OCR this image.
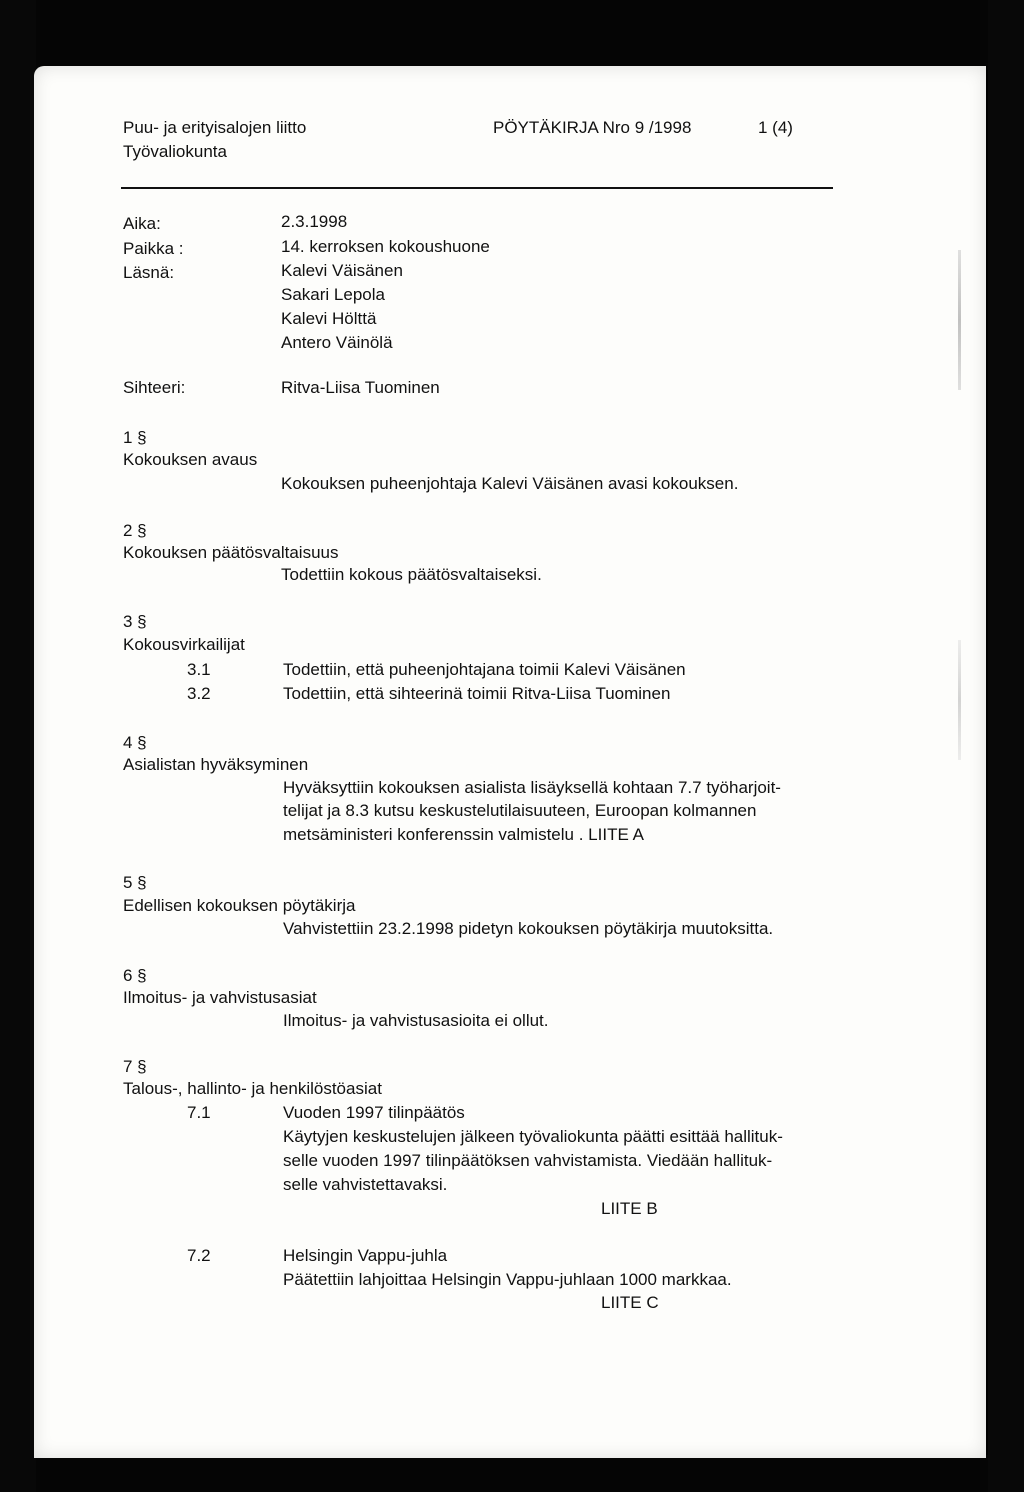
Puu- ja erityisalojen liitto
Työvaliokunta
PÖYTÄKIRJA Nro 9 /1998	1 (4)
Aika:	2.3.1998
Paikka :	14. kerroksen kokoushuone
Läsnä:	Kalevi Väisänen
Sakari Lepola
Kalevi Hölttä
Antero Väinölä
Sihteeri:	Ritva-Liisa Tuominen
1 §
Kokouksen avaus
Kokouksen puheenjohtaja Kalevi Väisänen avasi kokouksen.
2 §
Kokouksen päätösvaltaisuus
Todettiin kokous päätösvaltaiseksi.
3 §
Kokousvirkailijat
3.1	Todettiin, että puheenjohtajana toimii Kalevi Väisänen
3.2	Todettiin, että sihteerinä toimii Ritva-Liisa Tuominen
4 §
Asialistan hyväksyminen
Hyväksyttiin kokouksen asialista lisäyksellä kohtaan 7.7 työharjoit-
telijat ja 8.3 kutsu keskustelutilaisuuteen, Euroopan kolmannen
metsäministeri konferenssin valmistelu . LIITE A
5 §
Edellisen kokouksen pöytäkirja
Vahvistettiin 23.2.1998 pidetyn kokouksen pöytäkirja muutoksitta.
6 §
Ilmoitus- ja vahvistusasiat
Ilmoitus- ja vahvistusasioita ei ollut.
7 §
Talous-, hallinto- ja henkilöstöasiat
7.1	Vuoden 1997 tilinpäätös
Käytyjen keskustelujen jälkeen työvaliokunta päätti esittää hallituk-
selle vuoden 1997 tilinpäätöksen vahvistamista. Viedään hallituk-
selle vahvistettavaksi.
LIITE B
7.2	Helsingin Vappu-juhla
Päätettiin lahjoittaa Helsingin Vappu-juhlaan 1000 markkaa.
LIITE C
